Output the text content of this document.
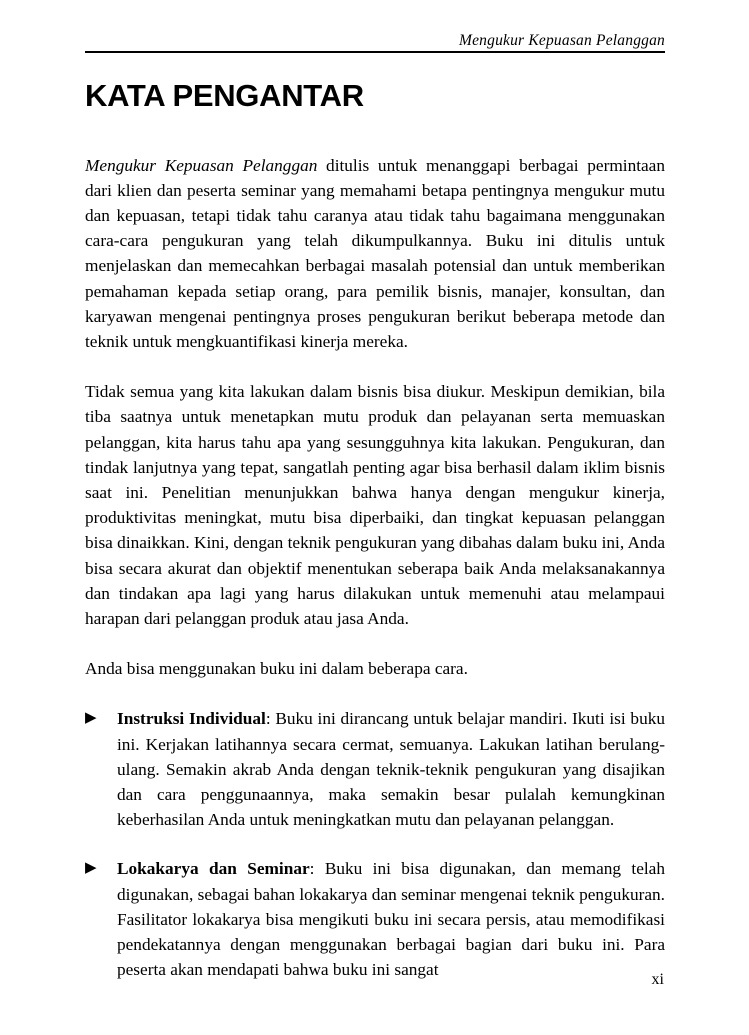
Mengukur Kepuasan Pelanggan
KATA PENGANTAR

Mengukur Kepuasan Pelanggan ditulis untuk menanggapi berbagai permintaan dari klien dan peserta seminar yang memahami betapa pentingnya mengukur mutu dan kepuasan, tetapi tidak tahu caranya atau tidak tahu bagaimana menggunakan cara-cara pengukuran yang telah dikumpulkannya. Buku ini ditulis untuk menjelaskan dan memecahkan berbagai masalah potensial dan untuk memberikan pemahaman kepada setiap orang, para pemilik bisnis, manajer, konsultan, dan karyawan mengenai pentingnya proses pengukuran berikut beberapa metode dan teknik untuk mengkuantifikasi kinerja mereka.

Tidak semua yang kita lakukan dalam bisnis bisa diukur. Meskipun demikian, bila tiba saatnya untuk menetapkan mutu produk dan pelayanan serta memuaskan pelanggan, kita harus tahu apa yang sesungguhnya kita lakukan. Pengukuran, dan tindak lanjutnya yang tepat, sangatlah penting agar bisa berhasil dalam iklim bisnis saat ini. Penelitian menunjukkan bahwa hanya dengan mengukur kinerja, produktivitas meningkat, mutu bisa diperbaiki, dan tingkat kepuasan pelanggan bisa dinaikkan. Kini, dengan teknik pengukuran yang dibahas dalam buku ini, Anda bisa secara akurat dan objektif menentukan seberapa baik Anda melaksanakannya dan tindakan apa lagi yang harus dilakukan untuk memenuhi atau melampaui harapan dari pelanggan produk atau jasa Anda.

Anda bisa menggunakan buku ini dalam beberapa cara.

▶ Instruksi Individual: Buku ini dirancang untuk belajar mandiri. Ikuti isi buku ini. Kerjakan latihannya secara cermat, semuanya. Lakukan latihan berulang-ulang. Semakin akrab Anda dengan teknik-teknik pengukuran yang disajikan dan cara penggunaannya, maka semakin besar pulalah kemungkinan keberhasilan Anda untuk meningkatkan mutu dan pelayanan pelanggan.
▶ Lokakarya dan Seminar: Buku ini bisa digunakan, dan memang telah digunakan, sebagai bahan lokakarya dan seminar mengenai teknik pengukuran. Fasilitator lokakarya bisa mengikuti buku ini secara persis, atau memodifikasi pendekatannya dengan menggunakan berbagai bagian dari buku ini. Para peserta akan mendapati bahwa buku ini sangat
xi
